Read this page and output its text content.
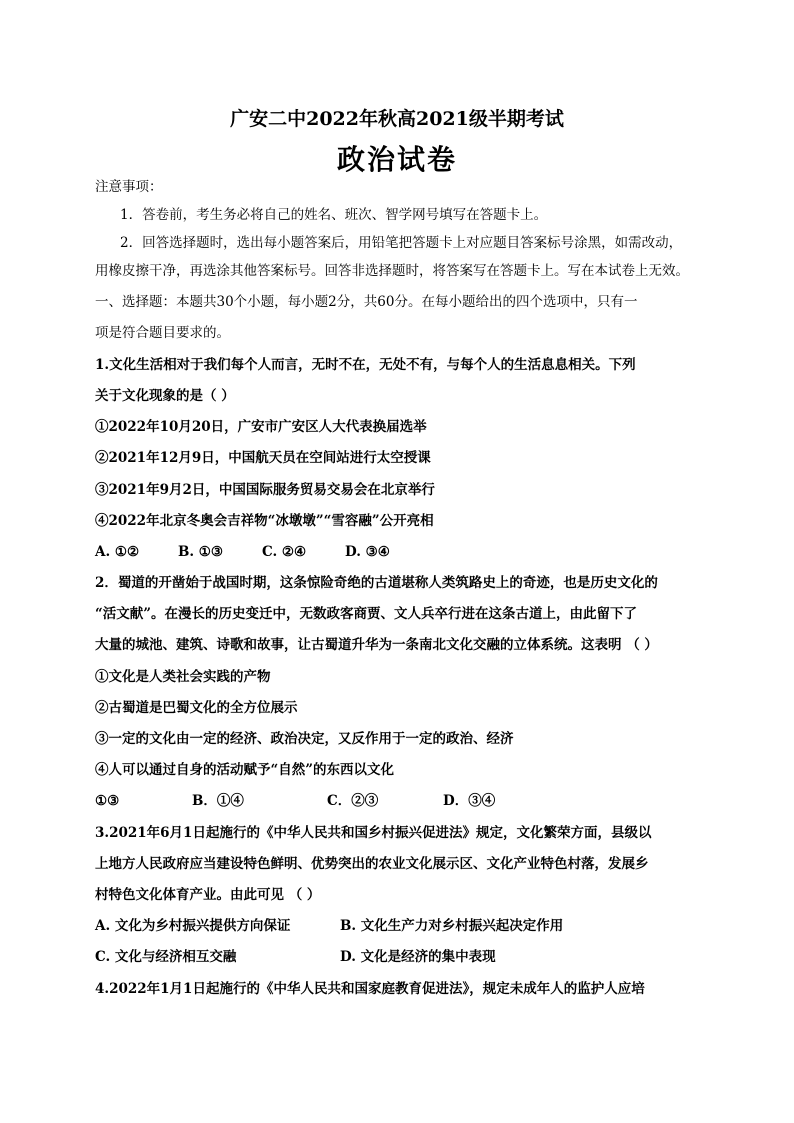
广安二中2022年秋高2021级半期考试
政治试卷
注意事项：
1．答卷前，考生务必将自己的姓名、班次、智学网号填写在答题卡上。
2．回答选择题时，选出每小题答案后，用铅笔把答题卡上对应题目答案标号涂黑，如需改动，
用橡皮擦干净，再选涂其他答案标号。回答非选择题时，将答案写在答题卡上。写在本试卷上无效。
一、选择题：本题共30个小题，每小题2分，共60分。在每小题给出的四个选项中，只有一
项是符合题目要求的。
1.文化生活相对于我们每个人而言，无时不在，无处不有，与每个人的生活息息相关。下列
关于文化现象的是（ ）
①2022年10月20日，广安市广安区人大代表换届选举
②2021年12月9日，中国航天员在空间站进行太空授课
③2021年9月2日，中国国际服务贸易交易会在北京举行
④2022年北京冬奥会吉祥物“冰墩墩”“雪容融”公开亮相
A. ①②	B. ①③	C. ②④	D. ③④
2．蜀道的开凿始于战国时期，这条惊险奇绝的古道堪称人类筑路史上的奇迹，也是历史文化的
“活文献”。在漫长的历史变迁中，无数政客商贾、文人兵卒行进在这条古道上，由此留下了
大量的城池、建筑、诗歌和故事，让古蜀道升华为一条南北文化交融的立体系统。这表明 （ ）
①文化是人类社会实践的产物
②古蜀道是巴蜀文化的全方位展示
③一定的文化由一定的经济、政治决定，又反作用于一定的政治、经济
④人可以通过自身的活动赋予“自然”的东西以文化
①③	B．①④	C．②③	D．③④
3.2021年6月1日起施行的《中华人民共和国乡村振兴促进法》规定，文化繁荣方面，县级以
上地方人民政府应当建设特色鲜明、优势突出的农业文化展示区、文化产业特色村落，发展乡
村特色文化体育产业。由此可见 （ ）
A. 文化为乡村振兴提供方向保证	B. 文化生产力对乡村振兴起决定作用
C. 文化与经济相互交融	D. 文化是经济的集中表现
4.2022年1月1日起施行的《中华人民共和国家庭教育促进法》，规定未成年人的监护人应培
